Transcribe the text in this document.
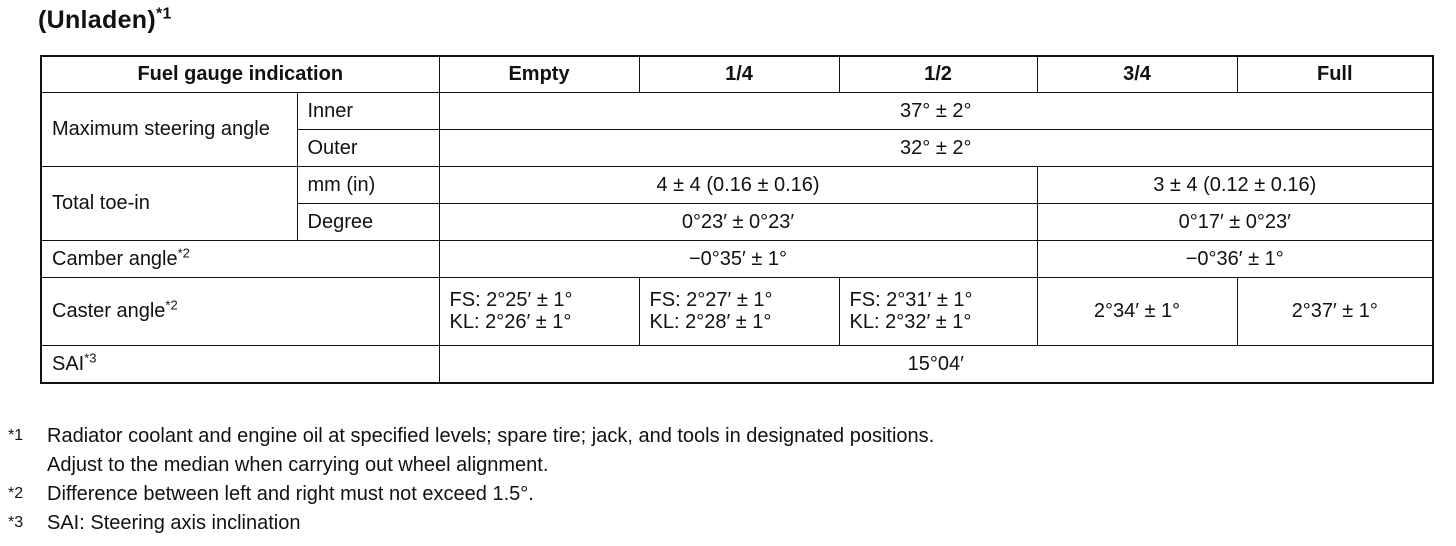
(Unladen)$^{*1}$
Fuel gauge indication		Empty	1/4	1/2	3/4	Full
Maximum steering angle	Inner	37° ± 2°				
	Outer	32° ± 2°				
Total toe-in	mm (in)	4 ± 4 (0.16 ± 0.16)			3 ± 4 (0.12 ± 0.16)	
	Degree	0°23′ ± 0°23′			0°17′ ± 0°23′	
Camber angle$^{*2}$		−0°35′ ± 1°			−0°36′ ± 1°	
Caster angle$^{*2}$		FS: 2°25′ ± 1°
KL: 2°26′ ± 1°	FS: 2°27′ ± 1°
KL: 2°28′ ± 1°	FS: 2°31′ ± 1°
KL: 2°32′ ± 1°	2°34′ ± 1°	2°37′ ± 1°
SAI$^{*3}$		15°04′				
*1 Radiator coolant and engine oil at specified levels; spare tire; jack, and tools in designated positions.
Adjust to the median when carrying out wheel alignment.
*2 Difference between left and right must not exceed 1.5°.
*3 SAI: Steering axis inclination
